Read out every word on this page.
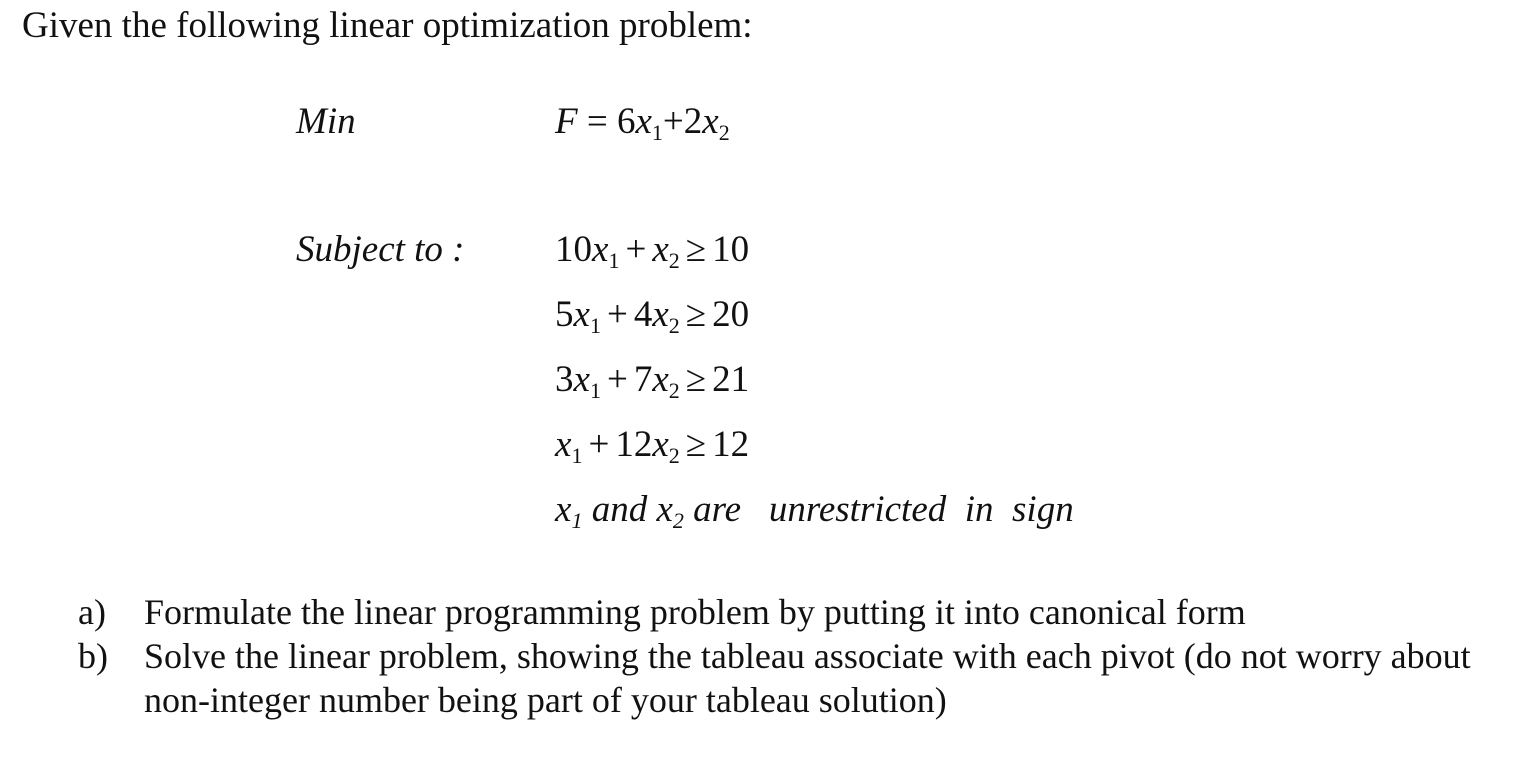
Given the following linear optimization problem:
Min	$F = 6x_1+2x_2$
Subject to : $10x_1 + x_2 \ge 10$
$5x_1 + 4x_2 \ge 20$
$3x_1 + 7x_2 \ge 21$
$x_1 + 12x_2 \ge 12$
$x_1$ and $x_2$ are   unrestricted  in  sign
a)	Formulate the linear programming problem by putting it into canonical form
b)	Solve the linear problem, showing the tableau associate with each pivot (do not worry about non-integer number being part of your tableau solution)
